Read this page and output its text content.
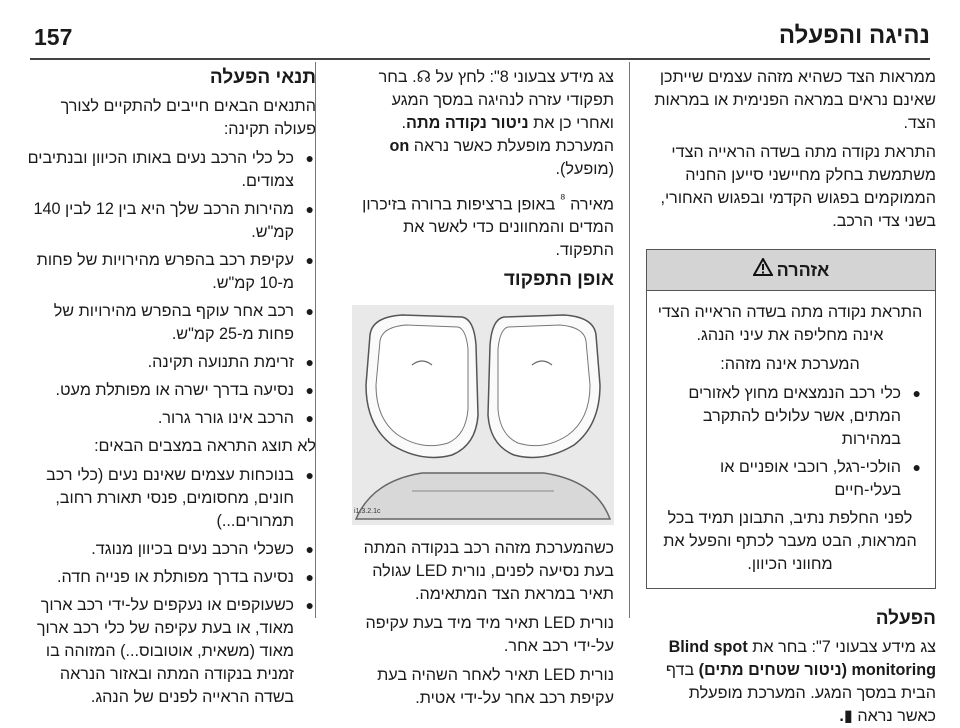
157	נהיגה והפעלה

ממראות הצד כשהיא מזהה עצמים שייתכן שאינם נראים במראה הפנימית או במראות הצד.

התראת נקודה מתה בשדה הראייה הצדי משתמשת בחלק מחיישני סייען החניה הממוקמים בפגוש הקדמי ובפגוש האחורי, בשני צדי הרכב.

אזהרה

התראת נקודה מתה בשדה הראייה הצדי אינה מחליפה את עיני הנהג.

המערכת אינה מזהה:

●
כלי רכב הנמצאים מחוץ לאזורים המתים, אשר עלולים להתקרב במהירות
●
הולכי-רגל, רוכבי אופניים או בעלי-חיים

לפני החלפת נתיב, התבונן תמיד בכל המראות, הבט מעבר לכתף והפעל את מחווני הכיוון.

הפעלה

צג מידע צבעוני 7": בחר את Blind spot monitoring (ניטור שטחים מתים) בדף הבית במסך המגע. המערכת מופעלת כאשר נראה ▮.

צג מידע צבעוני 8": לחץ על ☊. בחר תפקודי עזרה לנהיגה במסך המגע ואחרי כן את ניטור נקודה מתה. המערכת מופעלת כאשר נראה on (מופעל).

מאירה $^{^8}$ באופן ברציפות ברורה בזיכרון המדים והמחוונים כדי לאשר את התפקוד.

אופן התפקוד
i1.3.2.1c

כשהמערכת מזהה רכב בנקודה המתה בעת נסיעה לפנים, נורית LED עגולה תאיר במראת הצד המתאימה.

נורית LED תאיר מיד מיד בעת עקיפה על-ידי רכב אחר.

נורית LED תאיר לאחר השהיה בעת עקיפת רכב אחר על-ידי אטית.

תנאי הפעלה

התנאים הבאים חייבים להתקיים לצורך פעולה תקינה:

●
כל כלי הרכב נעים באותו הכיוון ובנתיבים צמודים.
●
מהירות הרכב שלך היא בין 12 לבין 140 קמ"ש.
●
עקיפת רכב בהפרש מהירויות של פחות מ-10 קמ"ש.
●
רכב אחר עוקף בהפרש מהירויות של פחות מ-25 קמ"ש.
●
זרימת התנועה תקינה.
●
נסיעה בדרך ישרה או מפותלת מעט.
●
הרכב אינו גורר גרור.

לא תוצג התראה במצבים הבאים:

●
בנוכחות עצמים שאינם נעים (כלי רכב חונים, מחסומים, פנסי תאורת רחוב, תמרורים...)
●
כשכלי הרכב נעים בכיוון מנוגד.
●
נסיעה בדרך מפותלת או פנייה חדה.
●
כשעוקפים או נעקפים על-ידי רכב ארוך מאוד, או בעת עקיפה של כלי רכב ארוך מאוד (משאית, אוטובוס...) המזוהה בו זמנית בנקודה המתה ובאזור הנראה בשדה הראייה לפנים של הנהג.
